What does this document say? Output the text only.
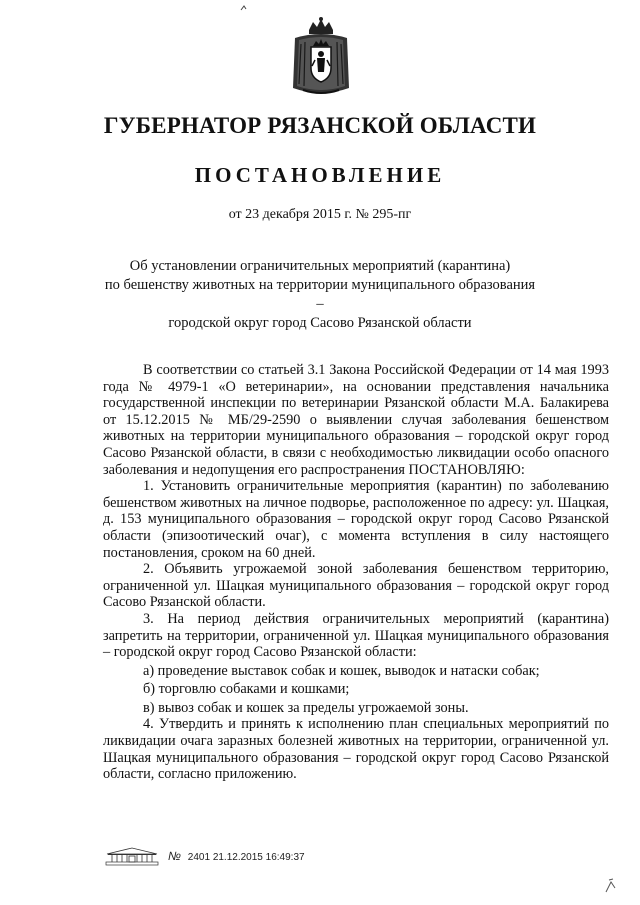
ГУБЕРНАТОР РЯЗАНСКОЙ ОБЛАСТИ
ПОСТАНОВЛЕНИЕ
от 23 декабря 2015 г. № 295-пг
Об установлении ограничительных мероприятий (карантина)
по бешенству животных на территории муниципального образования –
городской округ город Сасово Рязанской области

В соответствии со статьей 3.1 Закона Российской Федерации от 14 мая 1993 года № 4979-1 «О ветеринарии», на основании представления начальника государственной инспекции по ветеринарии Рязанской области М.А. Балакирева от 15.12.2015 № МБ/29-2590 о выявлении случая заболевания бешенством животных на территории муниципального образования – городской округ город Сасово Рязанской области, в связи с необходимостью ликвидации особо опасного заболевания и недопущения его распространения ПОСТАНОВЛЯЮ:

1. Установить ограничительные мероприятия (карантин) по заболеванию бешенством животных на личное подворье, расположенное по адресу: ул. Шацкая, д. 153 муниципального образования – городской округ город Сасово Рязанской области (эпизоотический очаг), с момента вступления в силу настоящего постановления, сроком на 60 дней.

2. Объявить угрожаемой зоной заболевания бешенством территорию, ограниченной ул. Шацкая муниципального образования – городской округ город Сасово Рязанской области.

3. На период действия ограничительных мероприятий (карантина) запретить на территории, ограниченной ул. Шацкая муниципального образования – городской округ город Сасово Рязанской области:

а) проведение выставок собак и кошек, выводок и натаски собак;

б) торговлю собаками и кошками;

в) вывоз собак и кошек за пределы угрожаемой зоны.

4. Утвердить и принять к исполнению план специальных мероприятий по ликвидации очага заразных болезней животных на территории, ограниченной ул. Шацкая муниципального образования – городской округ город Сасово Рязанской области, согласно приложению.

№ 2401 21.12.2015 16:49:37
